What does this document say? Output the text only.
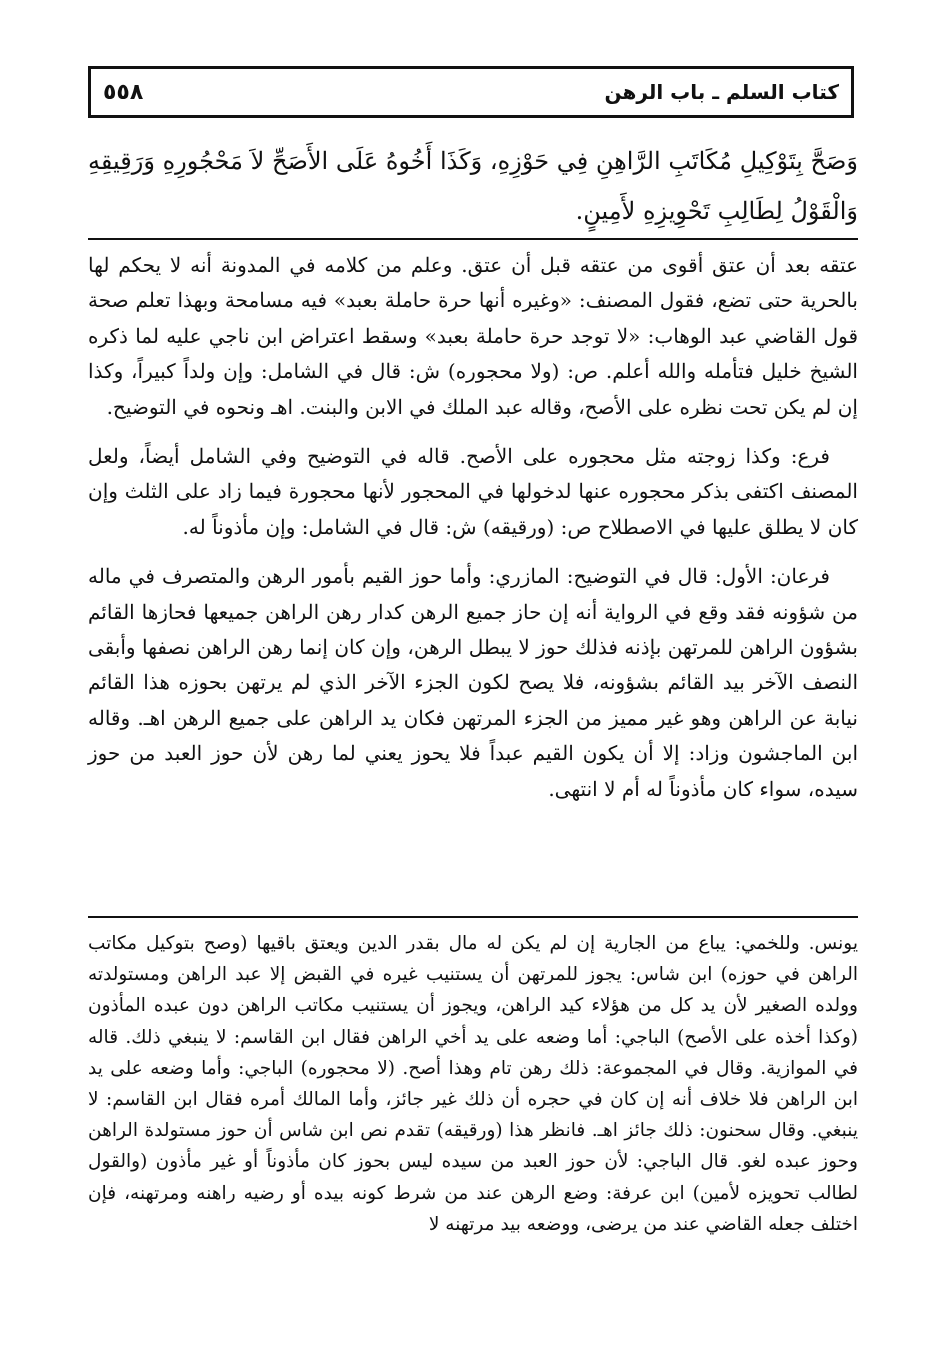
كتاب السلم ـ باب الرهن
٥٥٨
وَصَحَّ بِتَوْكِيلِ مُكَاتَبِ الرَّاهِنِ فِي حَوْزِهِ، وَكَذَا أَخُوهُ عَلَى الأَصَحِّ لاَ مَحْجُورِهِ وَرَقِيقِهِ وَالْقَوْلُ لِطَالِبِ تَحْوِيزِهِ لأَمِينٍ.

عتقه بعد أن عتق أقوى من عتقه قبل أن عتق. وعلم من كلامه في المدونة أنه لا يحكم لها بالحرية حتى تضع، فقول المصنف: «وغيره أنها حرة حاملة بعبد» فيه مسامحة وبهذا تعلم صحة قول القاضي عبد الوهاب: «لا توجد حرة حاملة بعبد» وسقط اعتراض ابن ناجي عليه لما ذكره الشيخ خليل فتأمله والله أعلم. ص: (ولا محجوره) ش: قال في الشامل: وإن ولداً كبيراً، وكذا إن لم يكن تحت نظره على الأصح، وقاله عبد الملك في الابن والبنت. اهـ ونحوه في التوضيح.

فرع: وكذا زوجته مثل محجوره على الأصح. قاله في التوضيح وفي الشامل أيضاً، ولعل المصنف اكتفى بذكر محجوره عنها لدخولها في المحجور لأنها محجورة فيما زاد على الثلث وإن كان لا يطلق عليها في الاصطلاح ص: (ورقيقه) ش: قال في الشامل: وإن مأذوناً له.

فرعان: الأول: قال في التوضيح: المازري: وأما حوز القيم بأمور الرهن والمتصرف في ماله من شؤونه فقد وقع في الرواية أنه إن حاز جميع الرهن كدار رهن الراهن جميعها فحازها القائم بشؤون الراهن للمرتهن بإذنه فذلك حوز لا يبطل الرهن، وإن كان إنما رهن الراهن نصفها وأبقى النصف الآخر بيد القائم بشؤونه، فلا يصح لكون الجزء الآخر الذي لم يرتهن بحوزه هذا القائم نيابة عن الراهن وهو غير مميز من الجزء المرتهن فكان يد الراهن على جميع الرهن اهـ. وقاله ابن الماجشون وزاد: إلا أن يكون القيم عبداً فلا يحوز يعني لما رهن لأن حوز العبد من حوز سيده، سواء كان مأذوناً له أم لا انتهى.

يونس. وللخمي: يباع من الجارية إن لم يكن له مال بقدر الدين ويعتق باقيها (وصح بتوكيل مكاتب الراهن في حوزه) ابن شاس: يجوز للمرتهن أن يستنيب غيره في القبض إلا عبد الراهن ومستولدته وولده الصغير لأن يد كل من هؤلاء كيد الراهن، ويجوز أن يستنيب مكاتب الراهن دون عبده المأذون (وكذا أخذه على الأصح) الباجي: أما وضعه على يد أخي الراهن فقال ابن القاسم: لا ينبغي ذلك. قاله في الموازية. وقال في المجموعة: ذلك رهن تام وهذا أصح. (لا محجوره) الباجي: وأما وضعه على يد ابن الراهن فلا خلاف أنه إن كان في حجره أن ذلك غير جائز، وأما المالك أمره فقال ابن القاسم: لا ينبغي. وقال سحنون: ذلك جائز اهـ. فانظر هذا (ورقيقه) تقدم نص ابن شاس أن حوز مستولدة الراهن وحوز عبده لغو. قال الباجي: لأن حوز العبد من سيده ليس بحوز كان مأذوناً أو غير مأذون (والقول لطالب تحويزه لأمين) ابن عرفة: وضع الرهن عند من شرط كونه بيده أو رضيه راهنه ومرتهنه، فإن اختلف جعله القاضي عند من يرضى، ووضعه بيد مرتهنه لا
